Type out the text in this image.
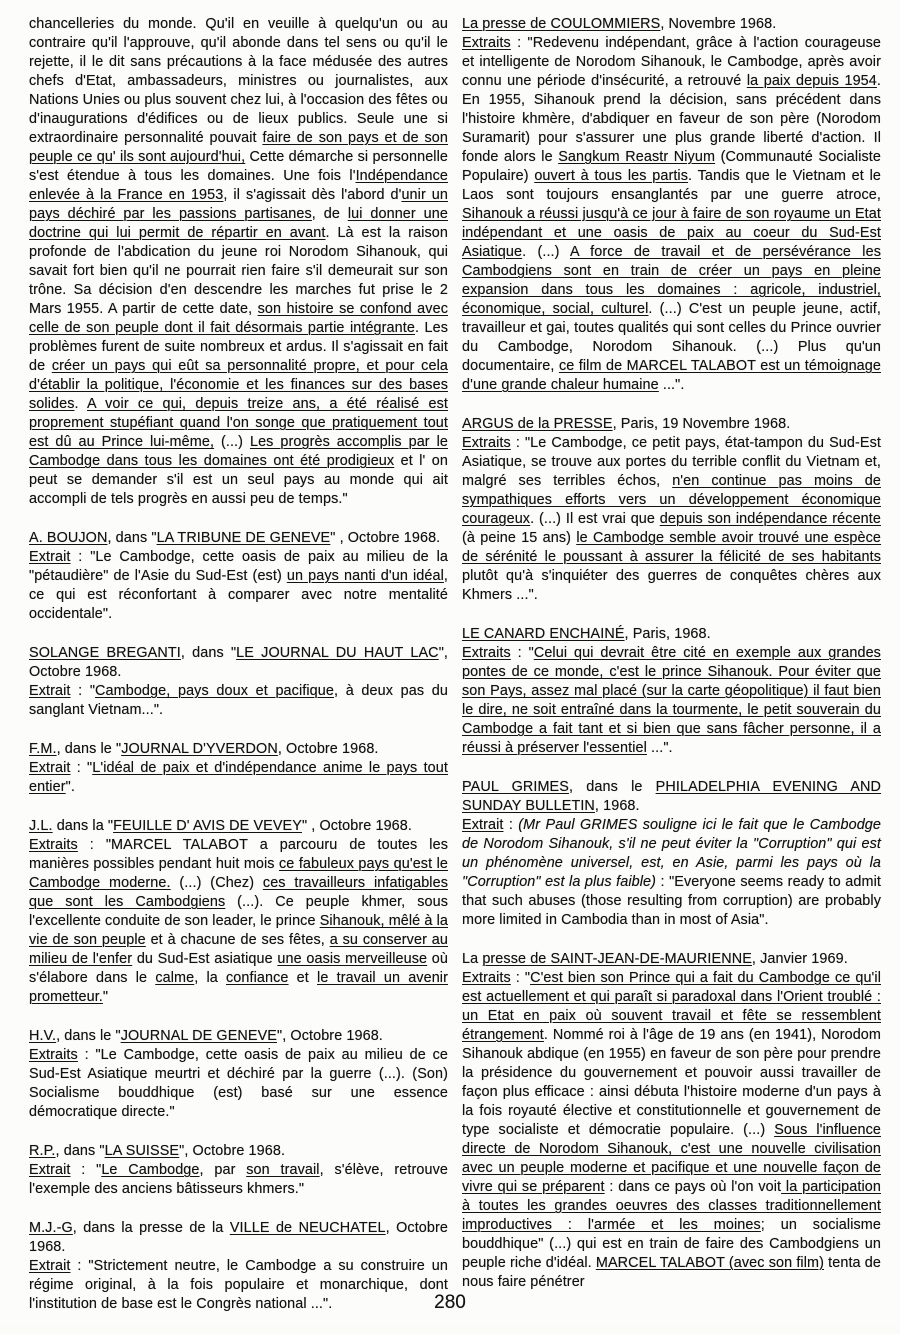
chancelleries du monde. Qu'il en veuille à quelqu'un ou au contraire qu'il l'approuve, qu'il abonde dans tel sens ou qu'il le rejette, il le dit sans précautions à la face médusée des autres chefs d'Etat, ambassadeurs, ministres ou journalistes, aux Nations Unies ou plus souvent chez lui, à l'occasion des fêtes ou d'inaugurations d'édifices ou de lieux publics. Seule une si extraordinaire personnalité pouvait faire de son pays et de son peuple ce qu' ils sont aujourd'hui, Cette démarche si personnelle s'est étendue à tous les domaines. Une fois l'Indépendance enlevée à la France en 1953, il s'agissait dès l'abord d'unir un pays déchiré par les passions partisanes, de lui donner une doctrine qui lui permit de répartir en avant. Là est la raison profonde de l'abdication du jeune roi Norodom Sihanouk, qui savait fort bien qu'il ne pourrait rien faire s'il demeurait sur son trône. Sa décision d'en descendre les marches fut prise le 2 Mars 1955. A partir de cette date, son histoire se confond avec celle de son peuple dont il fait désormais partie intégrante. Les problèmes furent de suite nombreux et ardus. Il s'agissait en fait de créer un pays qui eût sa personnalité propre, et pour cela d'établir la politique, l'économie et les finances sur des bases solides. A voir ce qui, depuis treize ans, a été réalisé est proprement stupéfiant quand l'on songe que pratiquement tout est dû au Prince lui-même, (...) Les progrès accomplis par le Cambodge dans tous les domaines ont été prodigieux et l' on peut se demander s'il est un seul pays au monde qui ait accompli de tels progrès en aussi peu de temps."

A. BOUJON, dans "LA TRIBUNE DE GENEVE" , Octobre 1968.
Extrait : "Le Cambodge, cette oasis de paix au milieu de la "pétaudière" de l'Asie du Sud-Est (est) un pays nanti d'un idéal, ce qui est réconfortant à comparer avec notre mentalité occidentale".

SOLANGE BREGANTI, dans "LE JOURNAL DU HAUT LAC", Octobre 1968.
Extrait : "Cambodge, pays doux et pacifique, à deux pas du sanglant Vietnam...".

F.M., dans le "JOURNAL D'YVERDON, Octobre 1968.
Extrait : "L'idéal de paix et d'indépendance anime le pays tout entier".

J.L. dans la "FEUILLE D' AVIS DE VEVEY" , Octobre 1968.
Extraits : "MARCEL TALABOT a parcouru de toutes les manières possibles pendant huit mois ce fabuleux pays qu'est le Cambodge moderne. (...) (Chez) ces travailleurs infatigables que sont les Cambodgiens (...). Ce peuple khmer, sous l'excellente conduite de son leader, le prince Sihanouk, mêlé à la vie de son peuple et à chacune de ses fêtes, a su conserver au milieu de l'enfer du Sud-Est asiatique une oasis merveilleuse où s'élabore dans le calme, la confiance et le travail un avenir prometteur."

H.V., dans le "JOURNAL DE GENEVE", Octobre 1968.
Extraits : "Le Cambodge, cette oasis de paix au milieu de ce Sud-Est Asiatique meurtri et déchiré par la guerre (...). (Son) Socialisme bouddhique (est) basé sur une essence démocratique directe."

R.P., dans "LA SUISSE", Octobre 1968.
Extrait : "Le Cambodge, par son travail, s'élève, retrouve l'exemple des anciens bâtisseurs khmers."

M.J.-G, dans la presse de la VILLE de NEUCHATEL, Octobre 1968.
Extrait : "Strictement neutre, le Cambodge a su construire un régime original, à la fois populaire et monarchique, dont l'institution de base est le Congrès national ...".

La presse de COULOMMIERS, Novembre 1968.
Extraits : "Redevenu indépendant, grâce à l'action courageuse et intelligente de Norodom Sihanouk, le Cambodge, après avoir connu une période d'insécurité, a retrouvé la paix depuis 1954. En 1955, Sihanouk prend la décision, sans précédent dans l'histoire khmère, d'abdiquer en faveur de son père (Norodom Suramarit) pour s'assurer une plus grande liberté d'action. Il fonde alors le Sangkum Reastr Niyum (Communauté Socialiste Populaire) ouvert à tous les partis. Tandis que le Vietnam et le Laos sont toujours ensanglantés par une guerre atroce, Sihanouk a réussi jusqu'à ce jour à faire de son royaume un Etat indépendant et une oasis de paix au coeur du Sud-Est Asiatique. (...) A force de travail et de persévérance les Cambodgiens sont en train de créer un pays en pleine expansion dans tous les domaines : agricole, industriel, économique, social, culturel. (...) C'est un peuple jeune, actif, travailleur et gai, toutes qualités qui sont celles du Prince ouvrier du Cambodge, Norodom Sihanouk. (...) Plus qu'un documentaire, ce film de MARCEL TALABOT est un témoignage d'une grande chaleur humaine ...".

ARGUS de la PRESSE, Paris, 19 Novembre 1968.
Extraits : "Le Cambodge, ce petit pays, état-tampon du Sud-Est Asiatique, se trouve aux portes du terrible conflit du Vietnam et, malgré ses terribles échos, n'en continue pas moins de sympathiques efforts vers un développement économique courageux. (...) Il est vrai que depuis son indépendance récente (à peine 15 ans) le Cambodge semble avoir trouvé une espèce de sérénité le poussant à assurer la félicité de ses habitants plutôt qu'à s'inquiéter des guerres de conquêtes chères aux Khmers ...".

LE CANARD ENCHAINÉ, Paris, 1968.
Extraits : "Celui qui devrait être cité en exemple aux grandes pontes de ce monde, c'est le prince Sihanouk. Pour éviter que son Pays, assez mal placé (sur la carte géopolitique) il faut bien le dire, ne soit entraîné dans la tourmente, le petit souverain du Cambodge a fait tant et si bien que sans fâcher personne, il a réussi à préserver l'essentiel ...".

PAUL GRIMES, dans le PHILADELPHIA EVENING AND SUNDAY BULLETIN, 1968.
Extrait : (Mr Paul GRIMES souligne ici le fait que le Cambodge de Norodom Sihanouk, s'il ne peut éviter la "Corruption" qui est un phénomène universel, est, en Asie, parmi les pays où la "Corruption" est la plus faible) : "Everyone seems ready to admit that such abuses (those resulting from corruption) are probably more limited in Cambodia than in most of Asia".

La presse de SAINT-JEAN-DE-MAURIENNE, Janvier 1969.
Extraits : "C'est bien son Prince qui a fait du Cambodge ce qu'il est actuellement et qui paraît si paradoxal dans l'Orient troublé : un Etat en paix où souvent travail et fête se ressemblent étrangement. Nommé roi à l'âge de 19 ans (en 1941), Norodom Sihanouk abdique (en 1955) en faveur de son père pour prendre la présidence du gouvernement et pouvoir aussi travailler de façon plus efficace : ainsi débuta l'histoire moderne d'un pays à la fois royauté élective et constitutionnelle et gouvernement de type socialiste et démocratie populaire. (...) Sous l'influence directe de Norodom Sihanouk, c'est une nouvelle civilisation avec un peuple moderne et pacifique et une nouvelle façon de vivre qui se préparent : dans ce pays où l'on voit la participation à toutes les grandes oeuvres des classes traditionnellement improductives : l'armée et les moines; un socialisme bouddhique" (...) qui est en train de faire des Cambodgiens un peuple riche d'idéal. MARCEL TALABOT (avec son film) tenta de nous faire pénétrer

280
